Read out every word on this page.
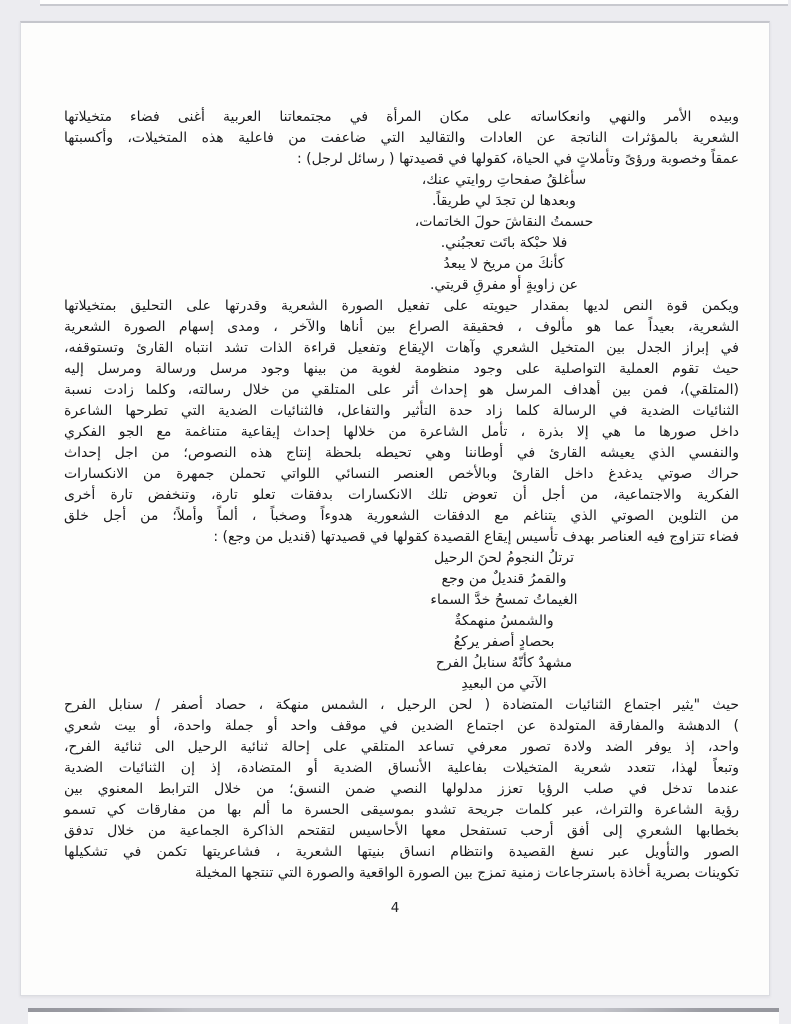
وبيده الأمر والنهي وانعكاساته على مكان المرأة في مجتمعاتنا العربية أغنى فضاء متخيلاتها
الشعرية بالمؤثرات الناتجة عن العادات والتقاليد التي ضاعفت من فاعلية هذه المتخيلات، وأكسبتها
عمقاً وخصوبة ورؤىً وتأملاتٍ في الحياة، كقولها في قصيدتها ( رسائل لرجل) :
سأغلقُ صفحاتِ روايتي عنك،
وبعدها لن تجدَ لي طريقاً.
حسمتُ النقاشَ حولَ الخاتمات،
فلا حبْكة باتَت تعجبُني.
كأنكَ من مريخ لا يبعدُ
عن زاويةٍ أو مفرقِ قريتي.
ويكمن قوة النص لديها بمقدار حيويته على تفعيل الصورة الشعرية وقدرتها على التحليق بمتخيلاتها
الشعرية، بعيداً عما هو مألوف ، فحقيقة الصراع بين أناها والآخر ، ومدى إسهام الصورة الشعرية
في إبراز الجدل بين المتخيل الشعري وآهات الإيقاع وتفعيل قراءة الذات تشد انتباه القارئ وتستوقفه،
حيث تقوم العملية التواصلية على وجود منظومة لغوية من بينها وجود مرسل ورسالة ومرسل إليه
(المتلقي)، فمن بين أهداف المرسل هو إحداث أثر على المتلقي من خلال رسالته، وكلما زادت نسبة
الثنائيات الضدية في الرسالة كلما زاد حدة التأثير والتفاعل، فالثنائيات الضدية التي تطرحها الشاعرة
داخل صورها ما هي إلا بذرة ، تأمل الشاعرة من خلالها إحداث إيقاعية متناغمة مع الجو الفكري
والنفسي الذي يعيشه القارئ في أوطاننا وهي تحيطه بلحظة إنتاج هذه النصوص؛ من اجل إحداث
حراك صوتي يدغدغ داخل القارئ وبالأخص العنصر النسائي اللواتي تحملن جمهرة من الانكسارات
الفكرية والاجتماعية، من أجل أن تعوض تلك الانكسارات بدفقات تعلو تارة، وتنخفض تارة أخرى
من التلوين الصوتي الذي يتناغم مع الدفقات الشعورية هدوءاً وصخباً ، ألماً وأملاً؛ من أجل خلق
فضاء تتزاوج فيه العناصر بهدف تأسيس إيقاع القصيدة كقولها في قصيدتها (قنديل من وجع) :
ترتلُ النجومُ لحنَ الرحيل
والقمرُ قنديلٌ من وجع
الغيماتُ تمسحُ خدَّ السماء
والشمسُ منهمكةٌ
بحصادٍ أصفر يركعُ
مشهدٌ كأنّهُ سنابلُ الفرح
الآتي من البعيدِ
حيث "يثير اجتماع الثنائيات المتضادة ( لحن الرحيل ، الشمس منهكة ، حصاد أصفر / سنابل الفرح
) الدهشة والمفارقة المتولدة عن اجتماع الضدين في موقف واحد أو جملة واحدة، أو بيت شعري
واحد، إذ يوفر الضد ولادة تصور معرفي تساعد المتلقي على إحالة ثنائية الرحيل الى ثنائية الفرح،
وتبعاً لهذا، تتعدد شعرية المتخيلات بفاعلية الأنساق الضدية أو المتضادة، إذ إن الثنائيات الضدية
عندما تدخل في صلب الرؤيا تعزز مدلولها النصي ضمن النسق؛ من خلال الترابط المعنوي بين
رؤية الشاعرة والتراث، عبر كلمات جريحة تشدو بموسيقى الحسرة ما ألم بها من مفارقات كي تسمو
بخطابها الشعري إلى أفق أرحب تستفحل معها الأحاسيس لتقتحم الذاكرة الجماعية من خلال تدفق
الصور والتأويل عبر نسغ القصيدة وانتظام انساق بنيتها الشعرية ، فشاعريتها تكمن في تشكيلها
تكوينات بصرية أخاذة باسترجاعات زمنية تمزج بين الصورة الواقعية والصورة التي تنتجها المخيلة
4
